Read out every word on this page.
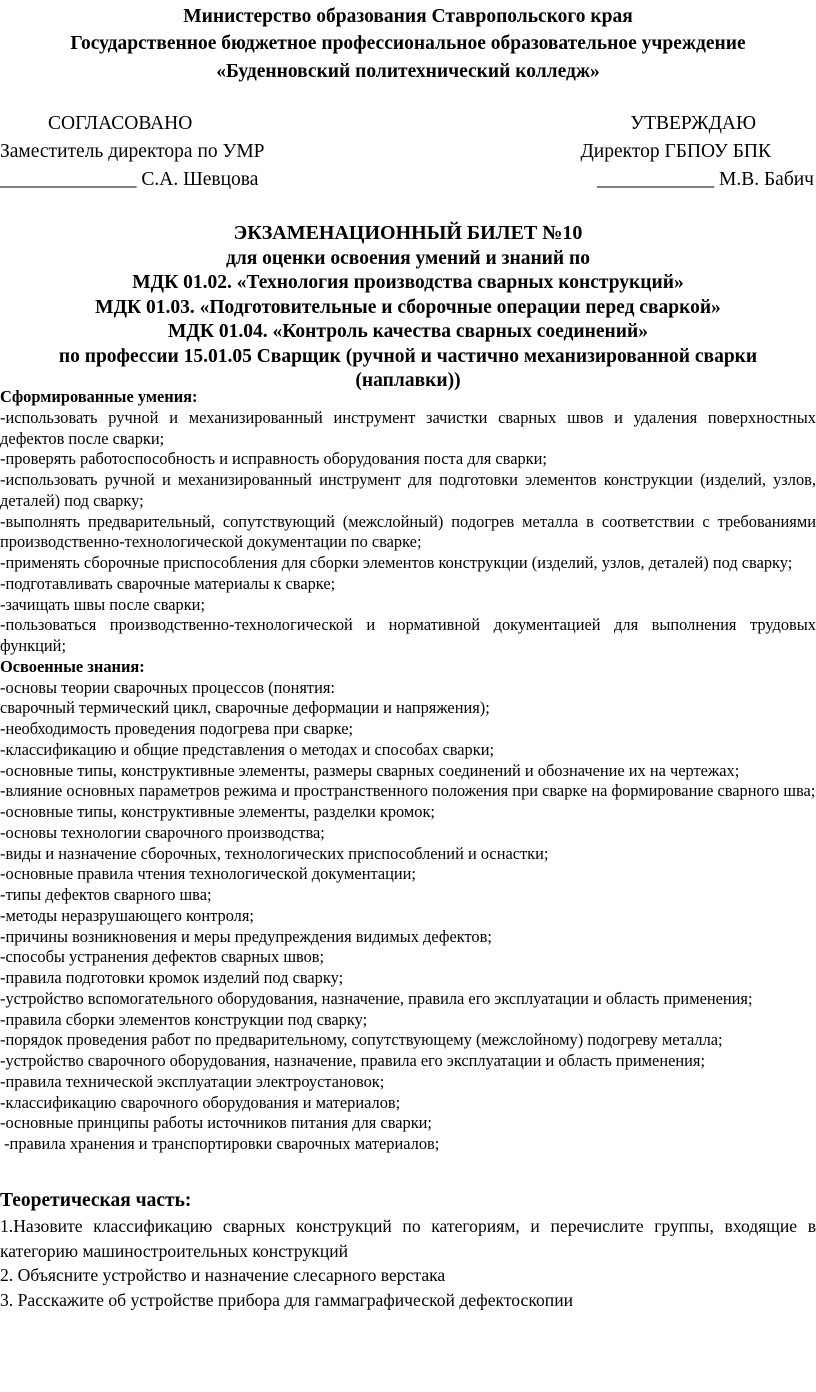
Министерство образования Ставропольского края
Государственное бюджетное профессиональное образовательное учреждение
«Буденновский политехнический колледж»
СОГЛАСОВАНО
Заместитель директора по УМР
______________ С.А. Шевцова
УТВЕРЖДАЮ
Директор ГБПОУ БПК
____________ М.В. Бабич
ЭКЗАМЕНАЦИОННЫЙ БИЛЕТ №10
для оценки освоения умений и знаний по
МДК 01.02. «Технология производства сварных конструкций»
МДК 01.03. «Подготовительные и сборочные операции перед сваркой»
МДК 01.04. «Контроль качества сварных соединений»
по профессии 15.01.05 Сварщик (ручной и частично механизированной сварки
(наплавки))
Сформированные умения:
-использовать ручной и механизированный инструмент зачистки сварных швов и удаления поверхностных дефектов после сварки;
-проверять работоспособность и исправность оборудования поста для сварки;
-использовать ручной и механизированный инструмент для подготовки элементов конструкции (изделий, узлов, деталей) под сварку;
-выполнять предварительный, сопутствующий (межслойный) подогрев металла в соответствии с требованиями производственно-технологической документации по сварке;
-применять сборочные приспособления для сборки элементов конструкции (изделий, узлов, деталей) под сварку;
-подготавливать сварочные материалы к сварке;
-зачищать швы после сварки;
-пользоваться производственно-технологической и нормативной документацией для выполнения трудовых функций;
Освоенные знания:
-основы теории сварочных процессов (понятия:
сварочный термический цикл, сварочные деформации и напряжения);
-необходимость проведения подогрева при сварке;
-классификацию и общие представления о методах и способах сварки;
-основные типы, конструктивные элементы, размеры сварных соединений и обозначение их на чертежах;
-влияние основных параметров режима и пространственного положения при сварке на формирование сварного шва;
-основные типы, конструктивные элементы, разделки кромок;
-основы технологии сварочного производства;
-виды и назначение сборочных, технологических приспособлений и оснастки;
-основные правила чтения технологической документации;
-типы дефектов сварного шва;
-методы неразрушающего контроля;
-причины возникновения и меры предупреждения видимых дефектов;
-способы устранения дефектов сварных швов;
-правила подготовки кромок изделий под сварку;
-устройство вспомогательного оборудования, назначение, правила его эксплуатации и область применения;
-правила сборки элементов конструкции под сварку;
-порядок проведения работ по предварительному, сопутствующему (межслойному) подогреву металла;
-устройство сварочного оборудования, назначение, правила его эксплуатации и область применения;
-правила технической эксплуатации электроустановок;
-классификацию сварочного оборудования и материалов;
-основные принципы работы источников питания для сварки;
-правила хранения и транспортировки сварочных материалов;
Теоретическая часть:
1.Назовите классификацию сварных конструкций по категориям, и перечислите группы, входящие в категорию машиностроительных конструкций
2. Объясните устройство и назначение слесарного верстака
3. Расскажите об устройстве прибора для гаммаграфической дефектоскопии
